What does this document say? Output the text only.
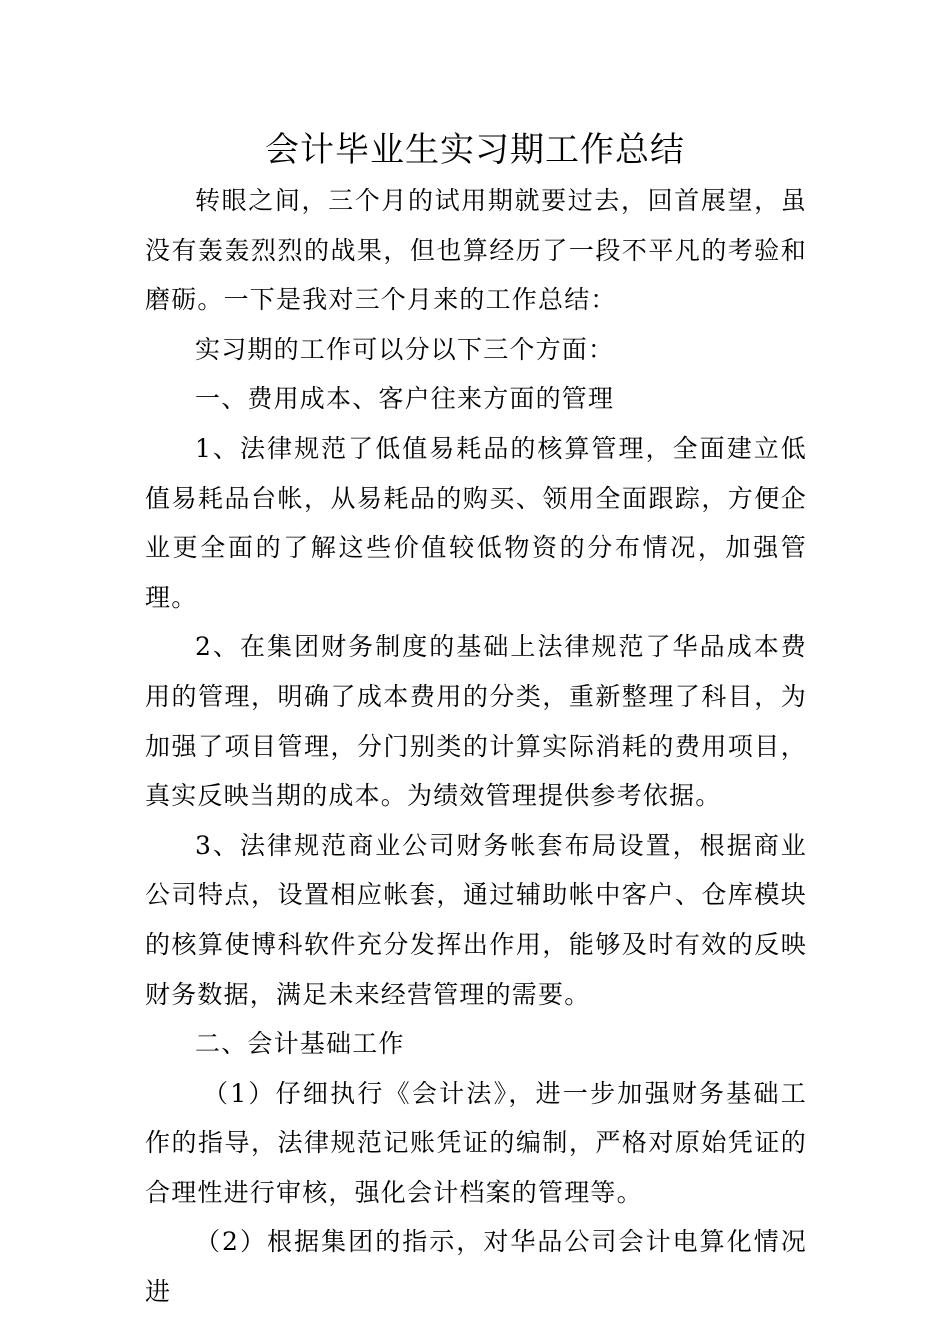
会计毕业生实习期工作总结

转眼之间，三个月的试用期就要过去，回首展望，虽没有轰轰烈烈的战果，但也算经历了一段不平凡的考验和磨砺。一下是我对三个月来的工作总结：

实习期的工作可以分以下三个方面：

一、费用成本、客户往来方面的管理

1、法律规范了低值易耗品的核算管理，全面建立低值易耗品台帐，从易耗品的购买、领用全面跟踪，方便企业更全面的了解这些价值较低物资的分布情况，加强管理。

2、在集团财务制度的基础上法律规范了华品成本费用的管理，明确了成本费用的分类，重新整理了科目，为加强了项目管理，分门别类的计算实际消耗的费用项目，真实反映当期的成本。为绩效管理提供参考依据。

3、法律规范商业公司财务帐套布局设置，根据商业公司特点，设置相应帐套，通过辅助帐中客户、仓库模块的核算使博科软件充分发挥出作用，能够及时有效的反映财务数据，满足未来经营管理的需要。

二、会计基础工作

（1）仔细执行《会计法》，进一步加强财务基础工作的指导，法律规范记账凭证的编制，严格对原始凭证的合理性进行审核，强化会计档案的管理等。

（2）根据集团的指示，对华品公司会计电算化情况进
